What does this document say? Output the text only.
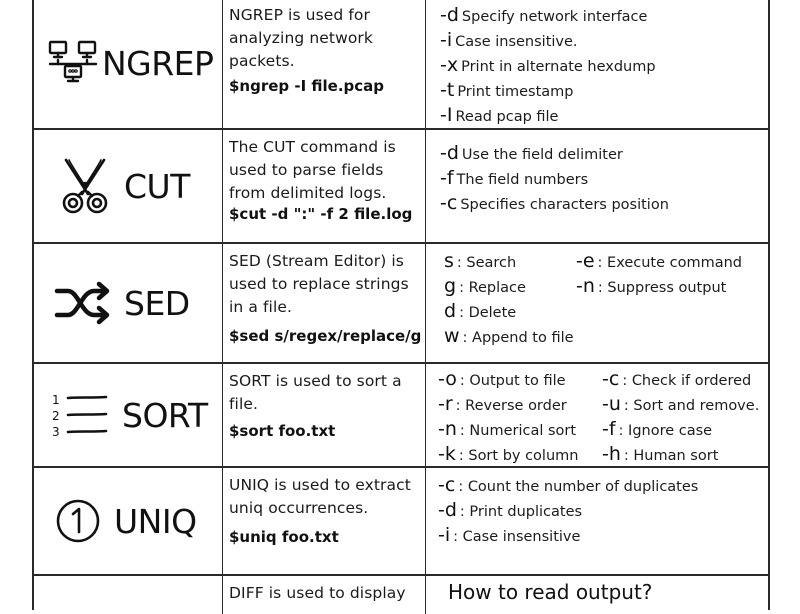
NGREP
NGREP is used for
analyzing network
packets.
$ngrep -I file.pcap
-d Specify network interface
-i Case insensitive.
-x Print in alternate hexdump
-t Print timestamp
-I Read pcap file
CUT
The CUT command is
used to parse fields
from delimited logs.
$cut -d ":" -f 2 file.log
-d Use the field delimiter
-f The field numbers
-c Specifies characters position
SED
SED (Stream Editor) is
used to replace strings
in a file.
$sed s/regex/replace/g
s : Search
g : Replace
d : Delete
w : Append to file
-e : Execute command
-n : Suppress output
1
2
3 SORT
SORT is used to sort a
file.
$sort foo.txt
-o : Output to file
-r : Reverse order
-n : Numerical sort
-k : Sort by column
-c : Check if ordered
-u : Sort and remove.
-f : Ignore case
-h : Human sort
UNIQ
UNIQ is used to extract
uniq occurrences.
$uniq foo.txt
-c : Count the number of duplicates
-d : Print duplicates
-i : Case insensitive
DIFF is used to display	How to read output?
